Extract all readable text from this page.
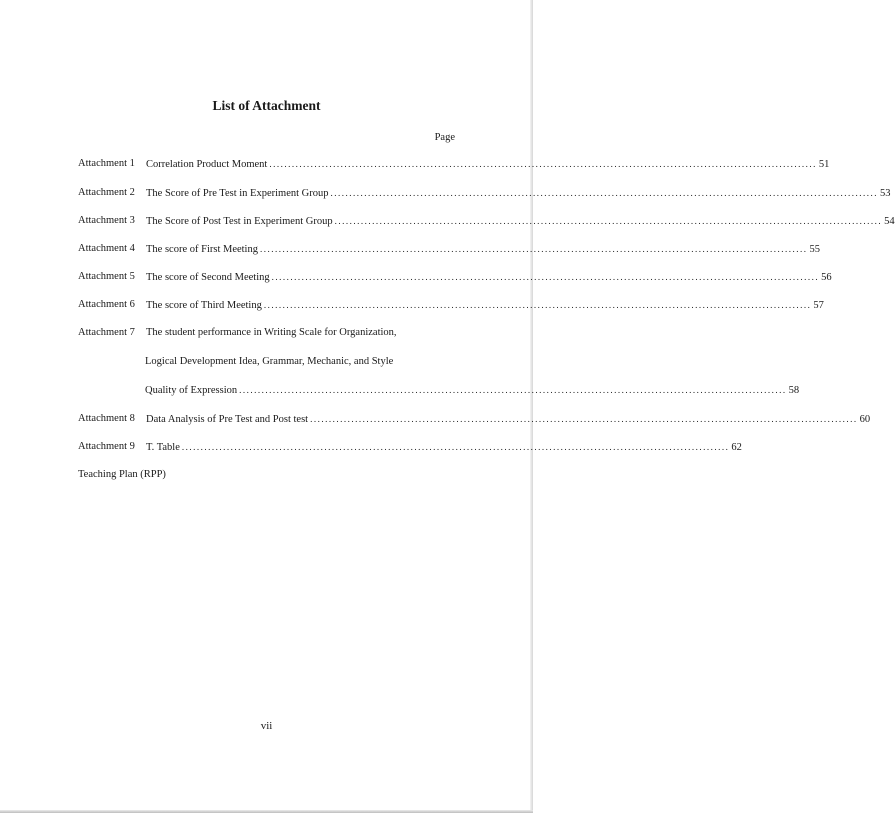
List of Attachment
Page
Attachment 1 Correlation Product Moment .................................................................................................................................................. 51
Attachment 2 The Score of Pre Test in Experiment Group .................................................................................................................................................. 53
Attachment 3 The Score of Post Test in Experiment Group .................................................................................................................................................. 54
Attachment 4 The score of First Meeting .................................................................................................................................................. 55
Attachment 5 The score of Second Meeting .................................................................................................................................................. 56
Attachment 6 The score of Third Meeting .................................................................................................................................................. 57
Attachment 7 The student performance in Writing Scale for Organization,
Logical Development Idea, Grammar, Mechanic, and Style
Quality of Expression .................................................................................................................................................. 58
Attachment 8 Data Analysis of Pre Test and Post test .................................................................................................................................................. 60
Attachment 9 T. Table .................................................................................................................................................. 62
Teaching Plan (RPP)
vii
